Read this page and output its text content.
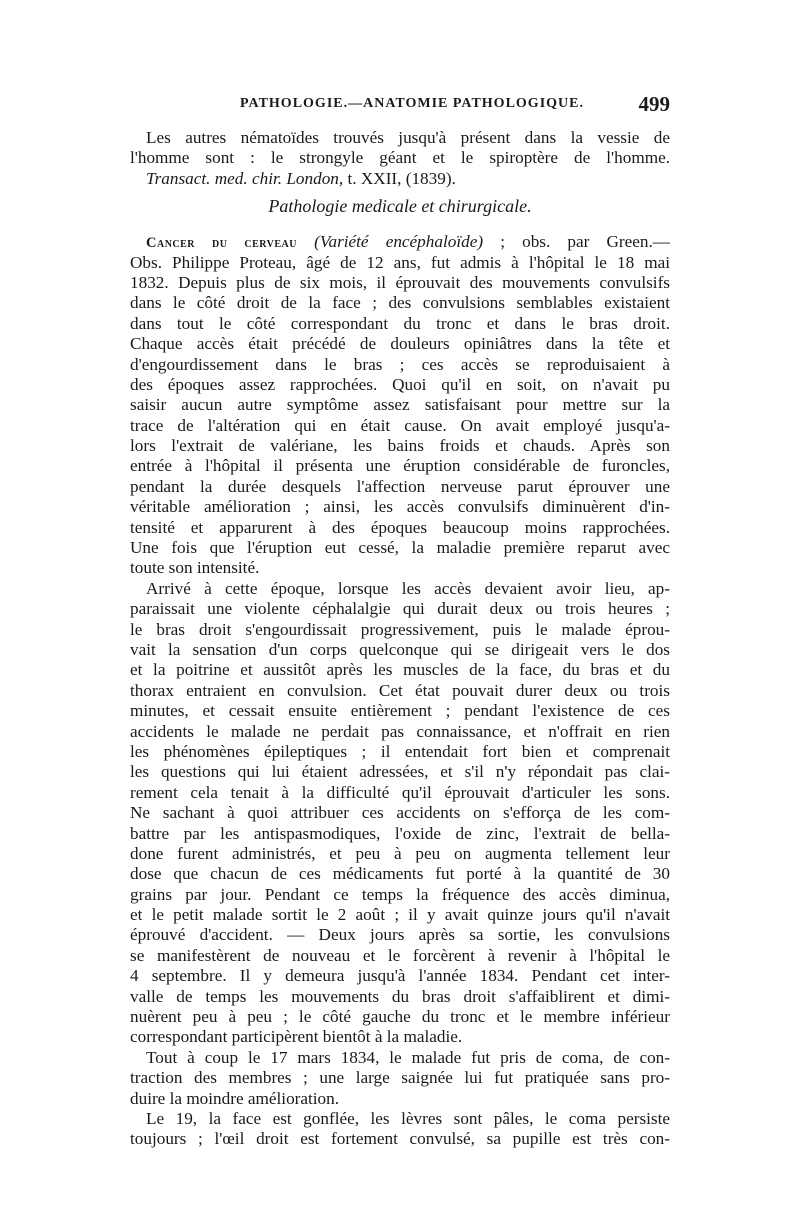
PATHOLOGIE.—ANATOMIE PATHOLOGIQUE.	499
Les autres nématoïdes trouvés jusqu'à présent dans la vessie de
l'homme sont : le strongyle géant et le spiroptère de l'homme.
Transact. med. chir. London, t. XXII, (1839).
Pathologie medicale et chirurgicale.
Cancer du cerveau (Variété encéphaloïde) ; obs. par Green.—
Obs. Philippe Proteau, âgé de 12 ans, fut admis à l'hôpital le 18 mai
1832. Depuis plus de six mois, il éprouvait des mouvements convulsifs
dans le côté droit de la face ; des convulsions semblables existaient
dans tout le côté correspondant du tronc et dans le bras droit.
Chaque accès était précédé de douleurs opiniâtres dans la tête et
d'engourdissement dans le bras ; ces accès se reproduisaient à
des époques assez rapprochées. Quoi qu'il en soit, on n'avait pu
saisir aucun autre symptôme assez satisfaisant pour mettre sur la
trace de l'altération qui en était cause. On avait employé jusqu'a-
lors l'extrait de valériane, les bains froids et chauds. Après son
entrée à l'hôpital il présenta une éruption considérable de furoncles,
pendant la durée desquels l'affection nerveuse parut éprouver une
véritable amélioration ; ainsi, les accès convulsifs diminuèrent d'in-
tensité et apparurent à des époques beaucoup moins rapprochées.
Une fois que l'éruption eut cessé, la maladie première reparut avec
toute son intensité.
Arrivé à cette époque, lorsque les accès devaient avoir lieu, ap-
paraissait une violente céphalalgie qui durait deux ou trois heures ;
le bras droit s'engourdissait progressivement, puis le malade éprou-
vait la sensation d'un corps quelconque qui se dirigeait vers le dos
et la poitrine et aussitôt après les muscles de la face, du bras et du
thorax entraient en convulsion. Cet état pouvait durer deux ou trois
minutes, et cessait ensuite entièrement ; pendant l'existence de ces
accidents le malade ne perdait pas connaissance, et n'offrait en rien
les phénomènes épileptiques ; il entendait fort bien et comprenait
les questions qui lui étaient adressées, et s'il n'y répondait pas clai-
rement cela tenait à la difficulté qu'il éprouvait d'articuler les sons.
Ne sachant à quoi attribuer ces accidents on s'efforça de les com-
battre par les antispasmodiques, l'oxide de zinc, l'extrait de bella-
done furent administrés, et peu à peu on augmenta tellement leur
dose que chacun de ces médicaments fut porté à la quantité de 30
grains par jour. Pendant ce temps la fréquence des accès diminua,
et le petit malade sortit le 2 août ; il y avait quinze jours qu'il n'avait
éprouvé d'accident. — Deux jours après sa sortie, les convulsions
se manifestèrent de nouveau et le forcèrent à revenir à l'hôpital le
4 septembre. Il y demeura jusqu'à l'année 1834. Pendant cet inter-
valle de temps les mouvements du bras droit s'affaiblirent et dimi-
nuèrent peu à peu ; le côté gauche du tronc et le membre inférieur
correspondant participèrent bientôt à la maladie.
Tout à coup le 17 mars 1834, le malade fut pris de coma, de con-
traction des membres ; une large saignée lui fut pratiquée sans pro-
duire la moindre amélioration.
Le 19, la face est gonflée, les lèvres sont pâles, le coma persiste
toujours ; l'œil droit est fortement convulsé, sa pupille est très con-
